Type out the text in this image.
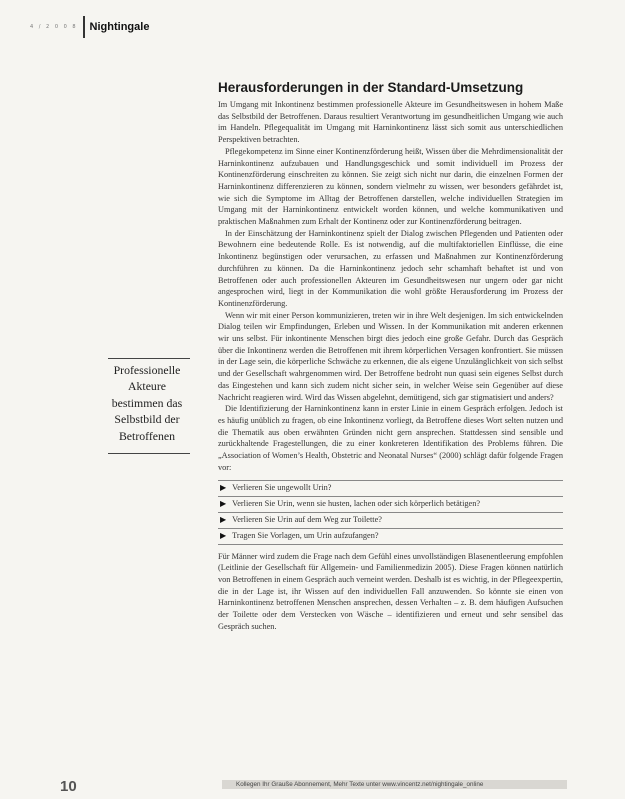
4 / 2 0 0 8 Nightingale
Herausforderungen in der Standard-Umsetzung

Im Umgang mit Inkontinenz bestimmen professionelle Akteure im Gesundheitswesen in hohem Maße das Selbstbild der Betroffenen. Daraus resultiert Verantwortung im gesundheitlichen Umgang wie auch im Handeln. Pflegequalität im Umgang mit Harninkontinenz lässt sich somit aus unterschiedlichen Perspektiven betrachten.

Pflegekompetenz im Sinne einer Kontinenzförderung heißt, Wissen über die Mehrdimensionalität der Harninkontinenz aufzubauen und Handlungsgeschick und somit individuell im Prozess der Kontinenzförderung einschreiten zu können. Sie zeigt sich nicht nur darin, die einzelnen Formen der Harninkontinenz differenzieren zu können, sondern vielmehr zu wissen, wer besonders gefährdet ist, wie sich die Symptome im Alltag der Betroffenen darstellen, welche individuellen Strategien im Umgang mit der Harninkontinenz entwickelt worden können, und welche kommunikativen und praktischen Maßnahmen zum Erhalt der Kontinenz oder zur Kontinenzförderung beitragen.

In der Einschätzung der Harninkontinenz spielt der Dialog zwischen Pflegenden und Patienten oder Bewohnern eine bedeutende Rolle. Es ist notwendig, auf die multifaktoriellen Einflüsse, die eine Inkontinenz begünstigen oder verursachen, zu erfassen und Maßnahmen zur Kontinenzförderung durchführen zu können. Da die Harninkontinenz jedoch sehr schamhaft behaftet ist und von Betroffenen oder auch professionellen Akteuren im Gesundheitswesen nur ungern oder gar nicht angesprochen wird, liegt in der Kommunikation die wohl größte Herausforderung im Prozess der Kontinenzförderung.

Wenn wir mit einer Person kommunizieren, treten wir in ihre Welt desjenigen. Im sich entwickelnden Dialog teilen wir Empfindungen, Erleben und Wissen. In der Kommunikation mit anderen erkennen wir uns selbst. Für inkontinente Menschen birgt dies jedoch eine große Gefahr. Durch das Gespräch über die Inkontinenz werden die Betroffenen mit ihrem körperlichen Versagen konfrontiert. Sie müssen in der Lage sein, die körperliche Schwäche zu erkennen, die als eigene Unzulänglichkeit von sich selbst und der Gesellschaft wahrgenommen wird. Der Betroffene bedroht nun quasi sein eigenes Selbst durch das Eingestehen und kann sich zudem nicht sicher sein, in welcher Weise sein Gegenüber auf diese Nachricht reagieren wird. Wird das Wissen abgelehnt, demütigend, sich gar stigmatisiert und anders?

Die Identifizierung der Harninkontinenz kann in erster Linie in einem Gespräch erfolgen. Jedoch ist es häufig unüblich zu fragen, ob eine Inkontinenz vorliegt, da Betroffene dieses Wort selten nutzen und die Thematik aus oben erwähnten Gründen nicht gern ansprechen. Stattdessen sind sensible und zurückhaltende Fragestellungen, die zu einer konkreteren Identifikation des Problems führen. Die „Association of Women’s Health, Obstetric and Neonatal Nurses“ (2000) schlägt dafür folgende Fragen vor:

▶ Verlieren Sie ungewollt Urin?
▶ Verlieren Sie Urin, wenn sie husten, lachen oder sich körperlich betätigen?
▶ Verlieren Sie Urin auf dem Weg zur Toilette?
▶ Tragen Sie Vorlagen, um Urin aufzufangen?

Für Männer wird zudem die Frage nach dem Gefühl eines unvollständigen Blasenentleerung empfohlen (Leitlinie der Gesellschaft für Allgemein- und Familienmedizin 2005). Diese Fragen können natürlich von Betroffenen in einem Gespräch auch verneint werden. Deshalb ist es wichtig, in der Pflegeexpertin, die in der Lage ist, ihr Wissen auf den individuellen Fall anzuwenden. So könnte sie einen von Harninkontinenz betroffenen Menschen ansprechen, dessen Verhalten – z. B. dem häufigen Aufsuchen der Toilette oder dem Verstecken von Wäsche – identifizieren und erneut und sehr sensibel das Gespräch suchen.

Professionelle Akteure bestimmen das Selbstbild der Betroffenen
10	Kollegen Ihr Grauße Abonnement, Mehr Texte unter www.vincentz.net/nightingale_online
